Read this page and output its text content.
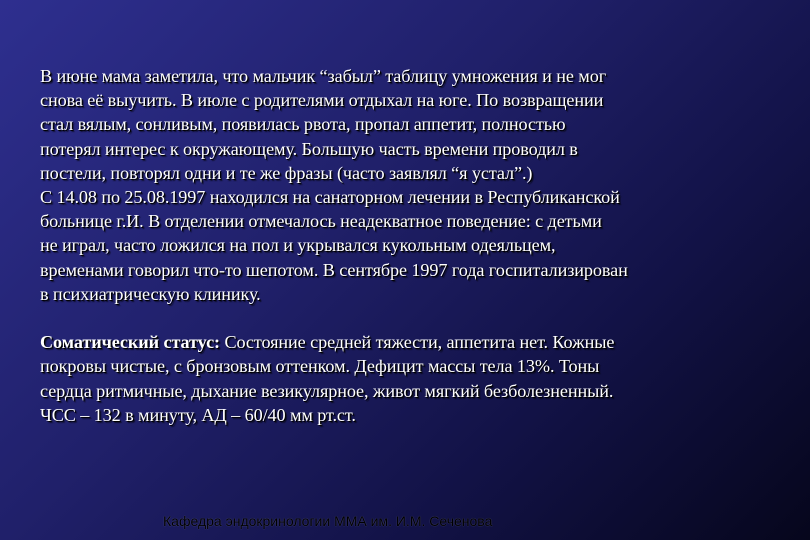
В июне мама заметила, что мальчик “забыл” таблицу умножения и не мог
снова её выучить. В июле с родителями отдыхал на юге. По возвращении
стал вялым, сонливым, появилась рвота, пропал аппетит, полностью
потерял интерес к окружающему. Большую часть времени проводил в
постели, повторял одни и те же фразы (часто заявлял “я устал”.)
С 14.08 по 25.08.1997 находился на санаторном лечении в Республиканской
больнице г.И. В отделении отмечалось неадекватное поведение: с детьми
не играл, часто ложился на пол и укрывался кукольным одеяльцем,
временами говорил что-то шепотом. В сентябре 1997 года госпитализирован
в психиатрическую клинику.
Соматический статус: Состояние средней тяжести, аппетита нет. Кожные
покровы чистые, с бронзовым оттенком. Дефицит массы тела 13%. Тоны
сердца ритмичные, дыхание везикулярное, живот мягкий безболезненный.
ЧСС – 132 в минуту, АД – 60/40 мм рт.ст.
Кафедра эндокринологии ММА им. И.М. Сеченова
